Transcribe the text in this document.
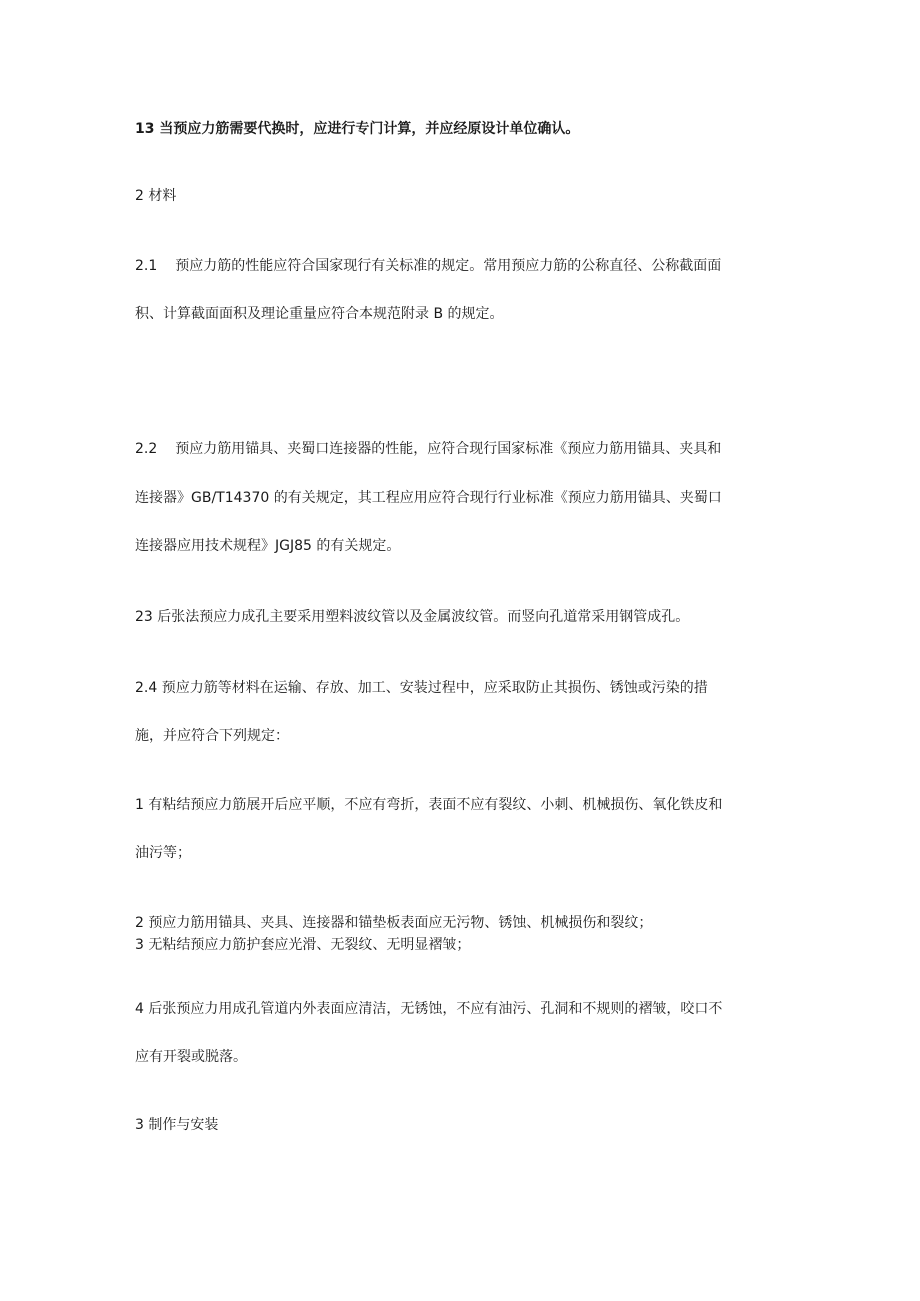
13 当预应力筋需要代换时，应进行专门计算，并应经原设计单位确认。
2 材料
2.1 预应力筋的性能应符合国家现行有关标准的规定。常用预应力筋的公称直径、公称截面面
积、计算截面面积及理论重量应符合本规范附录 B 的规定。
2.2 预应力筋用锚具、夹蜀口连接器的性能，应符合现行国家标准《预应力筋用锚具、夹具和
连接器》GB/T14370 的有关规定，其工程应用应符合现行行业标准《预应力筋用锚具、夹蜀口
连接器应用技术规程》JGJ85 的有关规定。
23 后张法预应力成孔主要采用塑料波纹管以及金属波纹管。而竖向孔道常采用钢管成孔。
2.4 预应力筋等材料在运输、存放、加工、安装过程中，应采取防止其损伤、锈蚀或污染的措
施，并应符合下列规定：
1 有粘结预应力筋展开后应平顺，不应有弯折，表面不应有裂纹、小刺、机械损伤、氧化铁皮和
油污等；
2 预应力筋用锚具、夹具、连接器和锚垫板表面应无污物、锈蚀、机械损伤和裂纹；
3 无粘结预应力筋护套应光滑、无裂纹、无明显褶皱；
4 后张预应力用成孔管道内外表面应清洁，无锈蚀，不应有油污、孔洞和不规则的褶皱，咬口不
应有开裂或脱落。
3 制作与安装
